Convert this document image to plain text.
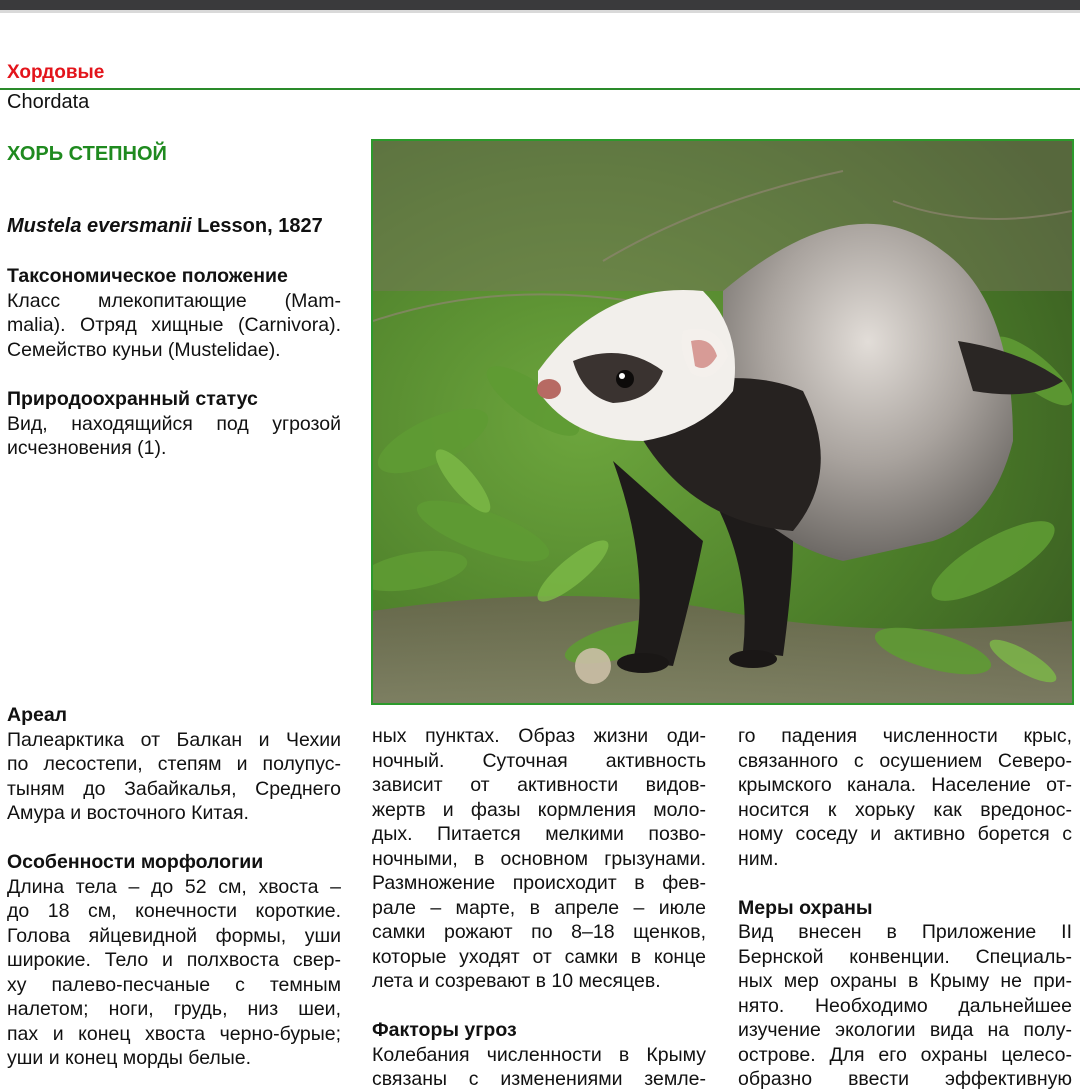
Хордовые
Chordata
ХОРЬ СТЕПНОЙ
Mustela eversmanii Lesson, 1827
Таксономическое положение

Класс млекопитающие (Mam-
malia). Отряд хищные (Carnivora).
Семейство куньи (Mustelidae).

Природоохранный статус

Вид, находящийся под угрозой
исчезновения (1).

Ареал

Палеарктика от Балкан и Чехии
по лесостепи, степям и полупус-
тыням до Забайкалья, Среднего
Амура и восточного Китая.

Особенности морфологии

Длина тела – до 52 см, хвоста –
до 18 см, конечности короткие.
Голова яйцевидной формы, уши
широкие. Тело и полхвоста свер-
ху палево-песчаные с темным
налетом; ноги, грудь, низ шеи,
пах и конец хвоста черно-бурые;
уши и конец морды белые.

ных пунктах. Образ жизни оди-
ночный. Суточная активность
зависит от активности видов-
жертв и фазы кормления моло-
дых. Питается мелкими позво-
ночными, в основном грызунами.
Размножение происходит в фев-
рале – марте, в апреле – июле
самки рожают по 8–18 щенков,
которые уходят от самки в конце
лета и созревают в 10 месяцев.

Факторы угроз

Колебания численности в Крыму
связаны с изменениями земле-

го падения численности крыс,
связанного с осушением Северо-
крымского канала. Население от-
носится к хорьку как вредонос-
ному соседу и активно борется с
ним.

Меры охраны

Вид внесен в Приложение II
Бернской конвенции. Специаль-
ных мер охраны в Крыму не при-
нято. Необходимо дальнейшее
изучение экологии вида на полу-
острове. Для его охраны целесо-
образно ввести эффективную
